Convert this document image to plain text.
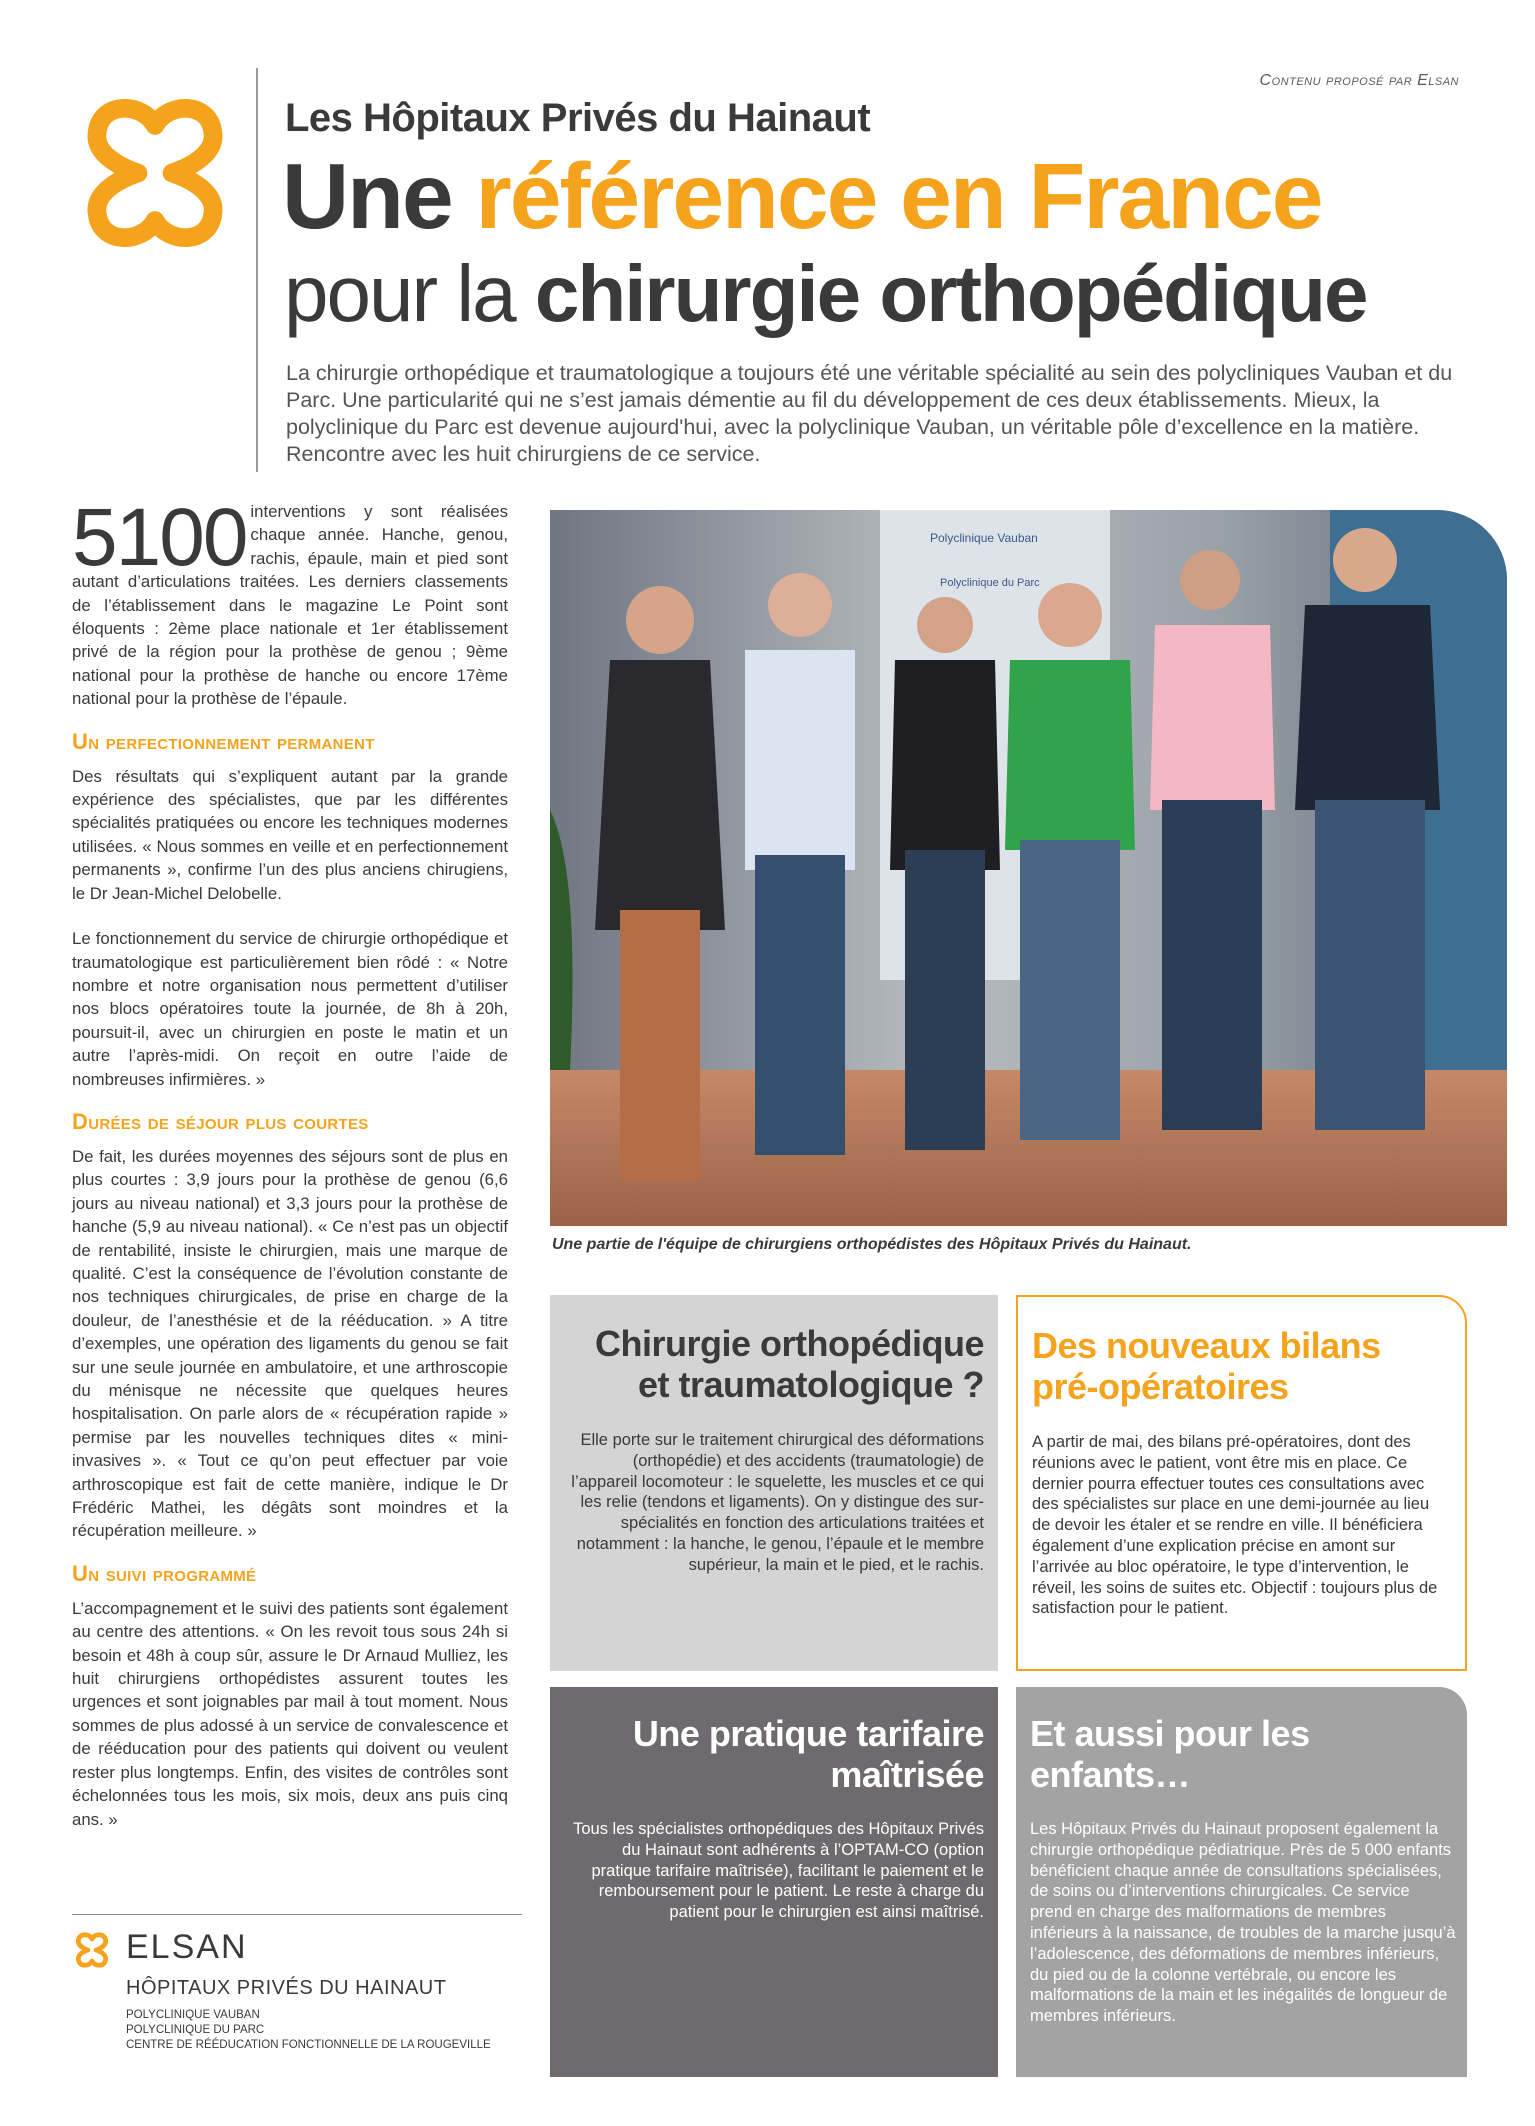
Contenu proposé par Elsan
Les Hôpitaux Privés du Hainaut
Une référence en France
pour la chirurgie orthopédique
La chirurgie orthopédique et traumatologique a toujours été une véritable spécialité au sein des polycliniques Vauban et du Parc. Une particularité qui ne s’est jamais démentie au fil du développement de ces deux établissements. Mieux, la polyclinique du Parc est devenue aujourd'hui, avec la polyclinique Vauban, un véritable pôle d’excellence en la matière. Rencontre avec les huit chirurgiens de ce service.

5100 interventions y sont réalisées chaque année. Hanche, genou, rachis, épaule, main et pied sont autant d’articulations traitées. Les derniers classements de l’établissement dans le magazine Le Point sont éloquents : 2ème place nationale et 1er établissement privé de la région pour la prothèse de genou ; 9ème national pour la prothèse de hanche ou encore 17ème national pour la prothèse de l’épaule.

Un perfectionnement permanent

Des résultats qui s’expliquent autant par la grande expérience des spécialistes, que par les différentes spécialités pratiquées ou encore les techniques modernes utilisées. « Nous sommes en veille et en perfectionnement permanents », confirme l’un des plus anciens chirugiens, le Dr Jean-Michel Delobelle.

Le fonctionnement du service de chirurgie orthopédique et traumatologique est particulièrement bien rôdé : « Notre nombre et notre organisation nous permettent d’utiliser nos blocs opératoires toute la journée, de 8h à 20h, poursuit-il, avec un chirurgien en poste le matin et un autre l’après-midi. On reçoit en outre l’aide de nombreuses infirmières. »

Durées de séjour plus courtes

De fait, les durées moyennes des séjours sont de plus en plus courtes : 3,9 jours pour la prothèse de genou (6,6 jours au niveau national) et 3,3 jours pour la prothèse de hanche (5,9 au niveau national). « Ce n’est pas un objectif de rentabilité, insiste le chirurgien, mais une marque de qualité. C’est la conséquence de l’évolution constante de nos techniques chirurgicales, de prise en charge de la douleur, de l’anesthésie et de la rééducation. » A titre d’exemples, une opération des ligaments du genou se fait sur une seule journée en ambulatoire, et une arthroscopie du ménisque ne nécessite que quelques heures hospitalisation. On parle alors de « récupération rapide » permise par les nouvelles techniques dites « mini-invasives ». « Tout ce qu’on peut effectuer par voie arthroscopique est fait de cette manière, indique le Dr Frédéric Mathei, les dégâts sont moindres et la récupération meilleure. »

Un suivi programmé

L’accompagnement et le suivi des patients sont également au centre des attentions. « On les revoit tous sous 24h si besoin et 48h à coup sûr, assure le Dr Arnaud Mulliez, les huit chirurgiens orthopédistes assurent toutes les urgences et sont joignables par mail à tout moment. Nous sommes de plus adossé à un service de convalescence et de rééducation pour des patients qui doivent ou veulent rester plus longtemps. Enfin, des visites de contrôles sont échelonnées tous les mois, six mois, deux ans puis cinq ans. »

Polyclinique Vauban
Polyclinique du Parc
Une partie de l'équipe de chirurgiens orthopédistes des Hôpitaux Privés du Hainaut.
Chirurgie orthopédique et traumatologique ?
Elle porte sur le traitement chirurgical des déformations (orthopédie) et des accidents (traumatologie) de l’appareil locomoteur : le squelette, les muscles et ce qui les relie (tendons et ligaments). On y distingue des sur-spécialités en fonction des articulations traitées et notamment : la hanche, le genou, l’épaule et le membre supérieur, la main et le pied, et le rachis.
Des nouveaux bilans pré-opératoires
A partir de mai, des bilans pré-opératoires, dont des réunions avec le patient, vont être mis en place. Ce dernier pourra effectuer toutes ces consultations avec des spécialistes sur place en une demi-journée au lieu de devoir les étaler et se rendre en ville. Il bénéficiera également d’une explication précise en amont sur l’arrivée au bloc opératoire, le type d’intervention, le réveil, les soins de suites etc. Objectif : toujours plus de satisfaction pour le patient.
Une pratique tarifaire maîtrisée
Tous les spécialistes orthopédiques des Hôpitaux Privés du Hainaut sont adhérents à l’OPTAM-CO (option pratique tarifaire maîtrisée), facilitant le paiement et le remboursement pour le patient. Le reste à charge du patient pour le chirurgien est ainsi maîtrisé.
Et aussi pour les enfants…
Les Hôpitaux Privés du Hainaut proposent également la chirurgie orthopédique pédiatrique. Près de 5 000 enfants bénéficient chaque année de consultations spécialisées, de soins ou d’interventions chirurgicales. Ce service prend en charge des malformations de membres inférieurs à la naissance, de troubles de la marche jusqu’à l’adolescence, des déformations de membres inférieurs, du pied ou de la colonne vertébrale, ou encore les malformations de la main et les inégalités de longueur de membres inférieurs.
ELSAN
HÔPITAUX PRIVÉS DU HAINAUT
POLYCLINIQUE VAUBAN
POLYCLINIQUE DU PARC
CENTRE DE RÉÉDUCATION FONCTIONNELLE DE LA ROUGEVILLE
